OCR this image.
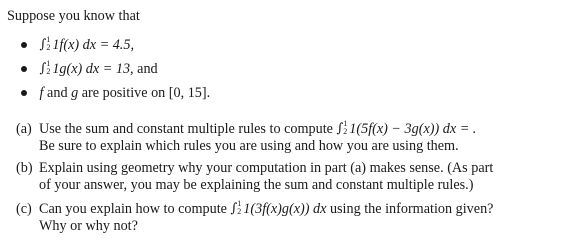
Suppose you know that
∫ 1
2 1f(x) dx = 4.5,
∫ 1
2 1g(x) dx = 13, and
f and g are positive on [0, 15].
(a) Use the sum and constant multiple rules to compute ∫ 1
2 1(5f(x) − 3g(x)) dx = .
Be sure to explain which rules you are using and how you are using them.
(b) Explain using geometry why your computation in part (a) makes sense. (As part
of your answer, you may be explaining the sum and constant multiple rules.)
(c) Can you explain how to compute ∫ 1
2 1(3f(x)g(x)) dx using the information given?
Why or why not?
